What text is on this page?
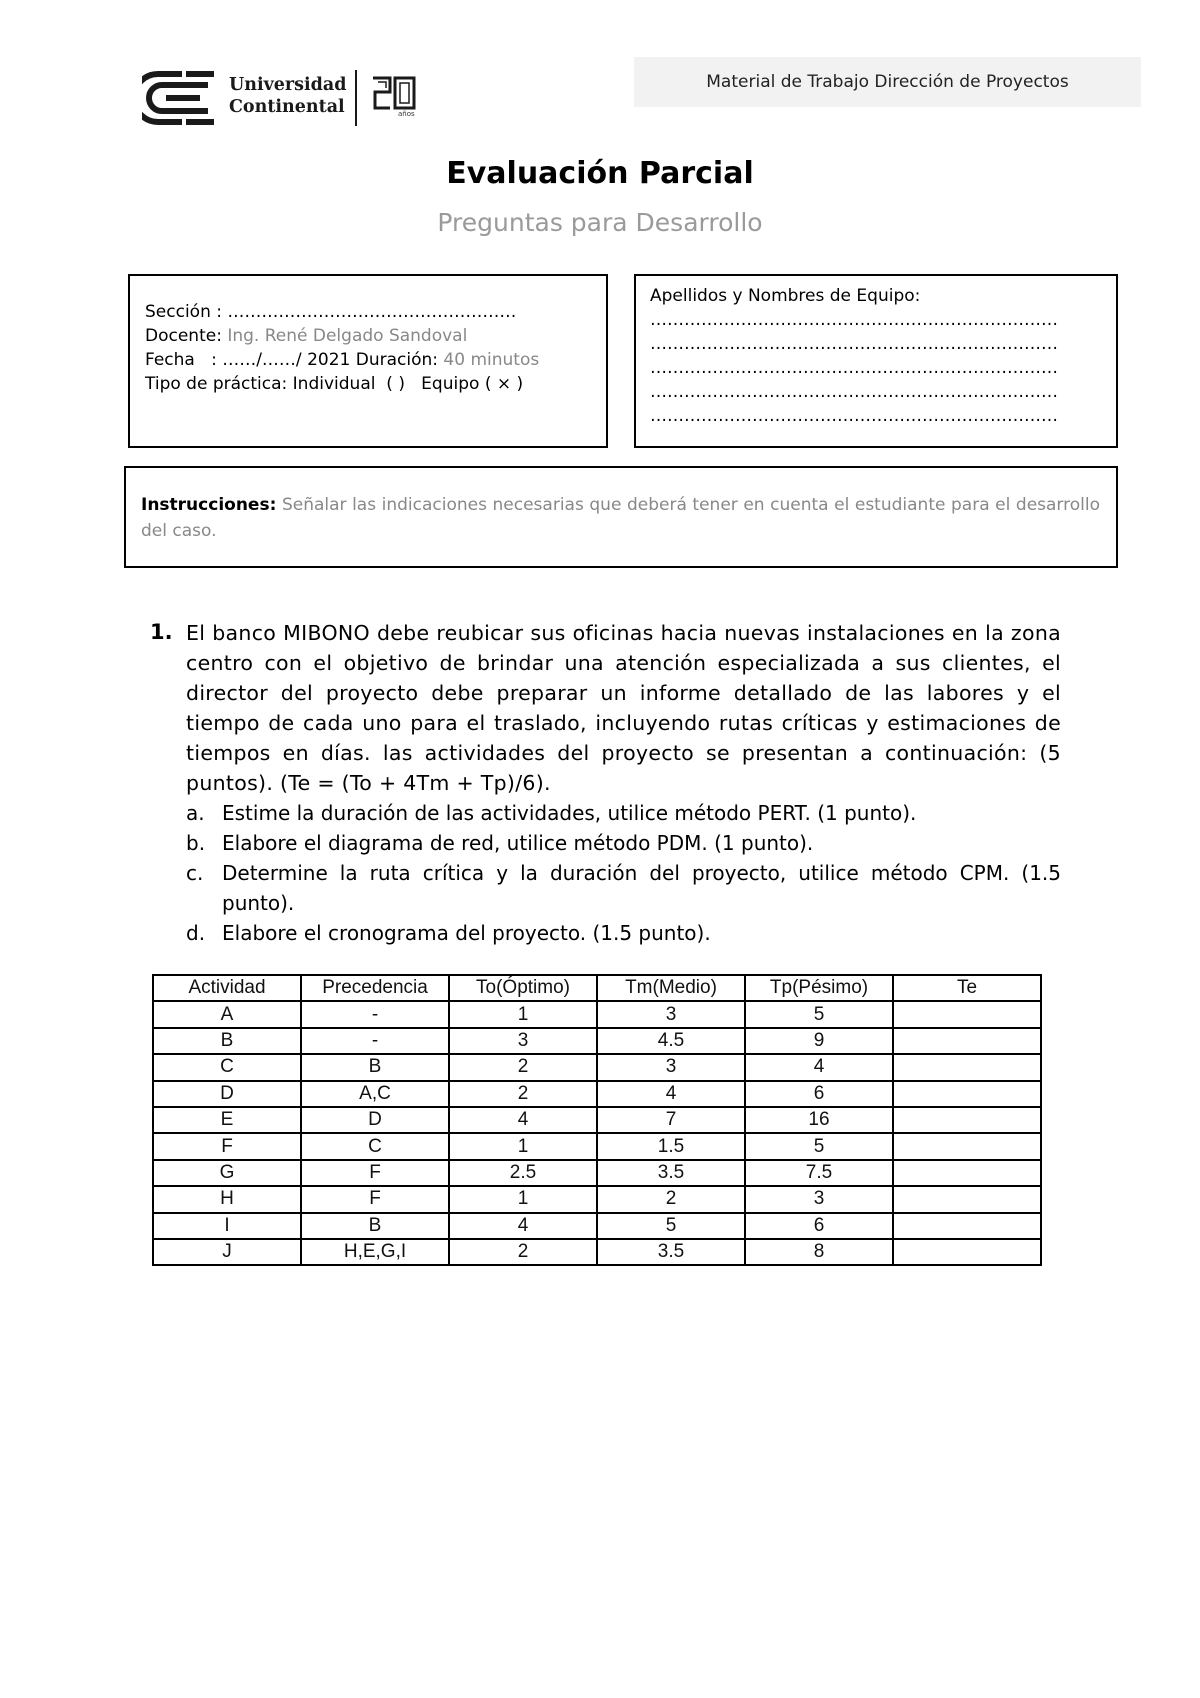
Universidad
Continental	años
Material de Trabajo Dirección de Proyectos
Evaluación Parcial
Preguntas para Desarrollo
Sección : ……………………………………………
Docente: Ing. René Delgado Sandoval
Fecha : ……/……/ 2021 Duración: 40 minutos
Tipo de práctica: Individual ( ) Equipo ( × )
Apellidos y Nombres de Equipo:
………………………………………………………………
………………………………………………………………
………………………………………………………………
………………………………………………………………
………………………………………………………………
Instrucciones: Señalar las indicaciones necesarias que deberá tener en cuenta el estudiante para el desarrollo del caso.
1. El banco MIBONO debe reubicar sus oficinas hacia nuevas instalaciones en la zona centro con el objetivo de brindar una atención especializada a sus clientes, el director del proyecto debe preparar un informe detallado de las labores y el tiempo de cada uno para el traslado, incluyendo rutas críticas y estimaciones de tiempos en días. las actividades del proyecto se presentan a continuación: (5 puntos). (Te = (To + 4Tm + Tp)/6).
a. Estime la duración de las actividades, utilice método PERT. (1 punto).
b. Elabore el diagrama de red, utilice método PDM. (1 punto).
c. Determine la ruta crítica y la duración del proyecto, utilice método CPM. (1.5 punto).
d. Elabore el cronograma del proyecto. (1.5 punto).
Actividad	Precedencia	To(Óptimo)	Tm(Medio)	Tp(Pésimo)	Te
A	-	1	3	5	
B	-	3	4.5	9	
C	B	2	3	4	
D	A,C	2	4	6	
E	D	4	7	16	
F	C	1	1.5	5	
G	F	2.5	3.5	7.5	
H	F	1	2	3	
I	B	4	5	6	
J	H,E,G,I	2	3.5	8	
